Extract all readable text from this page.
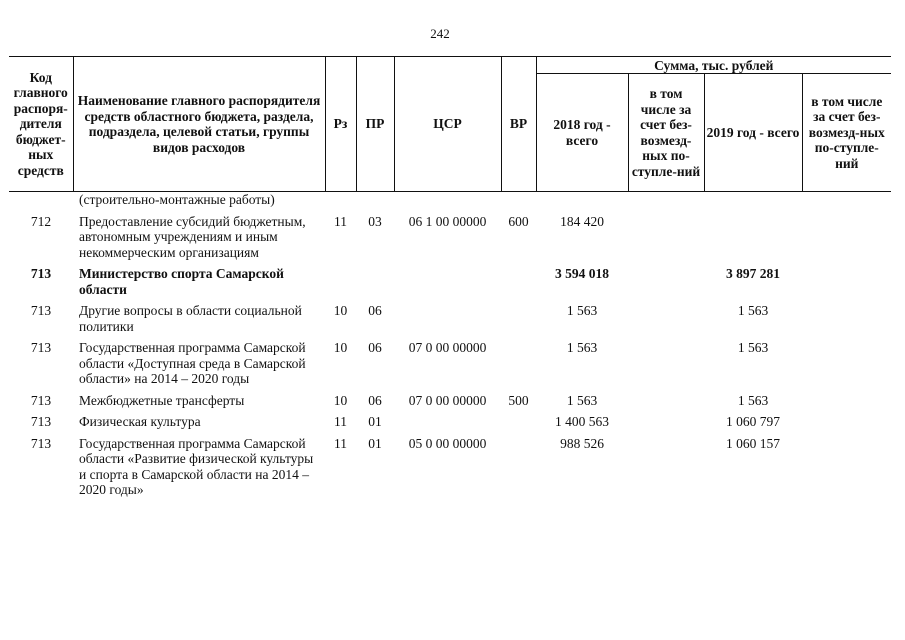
242
Код главного распоря-дителя бюджет-ных средств	Наименование главного распорядителя средств областного бюджета, раздела, подраздела, целевой статьи, группы видов расходов	Рз	ПР	ЦСР	ВР	Сумма, тыс. рублей			
						2018 год - всего	в том числе за счет без-возмезд-ных по-ступле-ний	2019 год - всего	в том числе за счет без-возмезд-ных по-ступле-ний
	(строительно-монтажные работы)								
712	Предоставление субсидий бюджетным, автономным учреждениям и иным некоммерческим организациям	11	03	06 1 00 00000	600	184 420			
713	Министерство спорта Самарской области					3 594 018		3 897 281	
713	Другие вопросы в области социальной политики	10	06			1 563		1 563	
713	Государственная программа Самарской области «Доступная среда в Самарской области» на 2014 – 2020 годы	10	06	07 0 00 00000		1 563		1 563	
713	Межбюджетные трансферты	10	06	07 0 00 00000	500	1 563		1 563	
713	Физическая культура	11	01			1 400 563		1 060 797	
713	Государственная программа Самарской области «Развитие физической культуры и спорта в Самарской области на 2014 – 2020 годы»	11	01	05 0 00 00000		988 526		1 060 157	
